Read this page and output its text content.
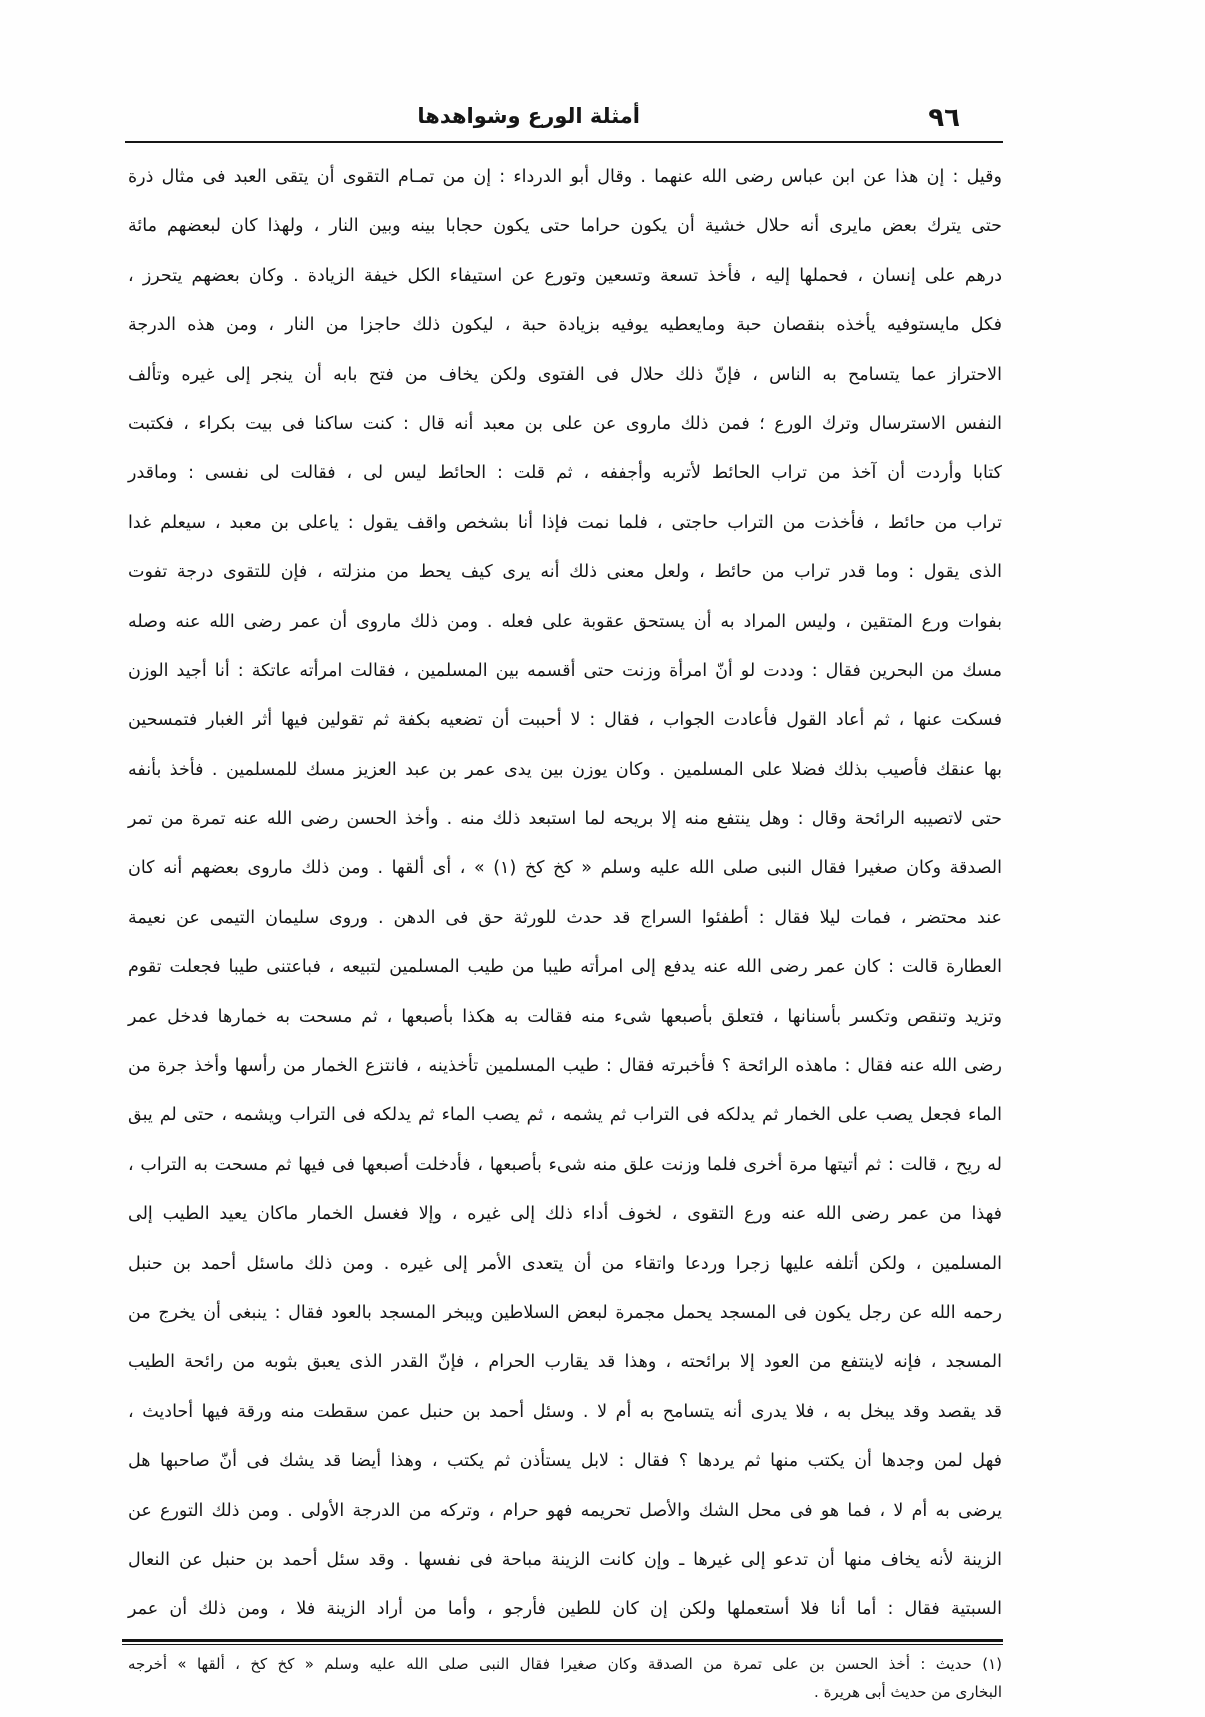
أمثلة الورع وشواهدها	٩٦
وقيل : إن هذا عن ابن عباس رضى الله عنهما . وقال أبو الدرداء : إن من تمـام التقوى أن يتقى العبد فى مثال ذرة
حتى يترك بعض مايرى أنه حلال خشية أن يكون حراما حتى يكون حجابا بينه وبين النار ، ولهذا كان لبعضهم مائة
درهم على إنسان ، فحملها إليه ، فأخذ تسعة وتسعين وتورع عن استيفاء الكل خيفة الزيادة . وكان بعضهم يتحرز ،
فكل مايستوفيه يأخذه بنقصان حبة ومايعطيه يوفيه بزيادة حبة ، ليكون ذلك حاجزا من النار ، ومن هذه الدرجة
الاحتراز عما يتسامح به الناس ، فإنّ ذلك حلال فى الفتوى ولكن يخاف من فتح بابه أن ينجر إلى غيره وتألف
النفس الاسترسال وترك الورع ؛ فمن ذلك ماروى عن على بن معبد أنه قال : كنت ساكنا فى بيت بكراء ، فكتبت
كتابا وأردت أن آخذ من تراب الحائط لأتربه وأجففه ، ثم قلت : الحائط ليس لى ، فقالت لى نفسى : وماقدر
تراب من حائط ، فأخذت من التراب حاجتى ، فلما نمت فإذا أنا بشخص واقف يقول : ياعلى بن معبد ، سيعلم غدا
الذى يقول : وما قدر تراب من حائط ، ولعل معنى ذلك أنه يرى كيف يحط من منزلته ، فإن للتقوى درجة تفوت
بفوات ورع المتقين ، وليس المراد به أن يستحق عقوبة على فعله . ومن ذلك ماروى أن عمر رضى الله عنه وصله
مسك من البحرين فقال : وددت لو أنّ امرأة وزنت حتى أقسمه بين المسلمين ، فقالت امرأته عاتكة : أنا أجيد الوزن
فسكت عنها ، ثم أعاد القول فأعادت الجواب ، فقال : لا أحببت أن تضعيه بكفة ثم تقولين فيها أثر الغبار فتمسحين
بها عنقك فأصيب بذلك فضلا على المسلمين . وكان يوزن بين يدى عمر بن عبد العزيز مسك للمسلمين . فأخذ بأنفه
حتى لاتصيبه الرائحة وقال : وهل ينتفع منه إلا بريحه لما استبعد ذلك منه . وأخذ الحسن رضى الله عنه تمرة من تمر
الصدقة وكان صغيرا فقال النبى صلى الله عليه وسلم « كخ كخ (١) » ، أى ألقها . ومن ذلك ماروى بعضهم أنه كان
عند محتضر ، فمات ليلا فقال : أطفئوا السراج قد حدث للورثة حق فى الدهن . وروى سليمان التيمى عن نعيمة
العطارة قالت : كان عمر رضى الله عنه يدفع إلى امرأته طيبا من طيب المسلمين لتبيعه ، فباعتنى طيبا فجعلت تقوم
وتزيد وتنقص وتكسر بأسنانها ، فتعلق بأصبعها شىء منه فقالت به هكذا بأصبعها ، ثم مسحت به خمارها فدخل عمر
رضى الله عنه فقال : ماهذه الرائحة ؟ فأخبرته فقال : طيب المسلمين تأخذينه ، فانتزع الخمار من رأسها وأخذ جرة من
الماء فجعل يصب على الخمار ثم يدلكه فى التراب ثم يشمه ، ثم يصب الماء ثم يدلكه فى التراب ويشمه ، حتى لم يبق
له ريح ، قالت : ثم أتيتها مرة أخرى فلما وزنت علق منه شىء بأصبعها ، فأدخلت أصبعها فى فيها ثم مسحت به التراب ،
فهذا من عمر رضى الله عنه ورع التقوى ، لخوف أداء ذلك إلى غيره ، وإلا فغسل الخمار ماكان يعيد الطيب إلى
المسلمين ، ولكن أتلفه عليها زجرا وردعا واتقاء من أن يتعدى الأمر إلى غيره . ومن ذلك ماسئل أحمد بن حنبل
رحمه الله عن رجل يكون فى المسجد يحمل مجمرة لبعض السلاطين ويبخر المسجد بالعود فقال : ينبغى أن يخرج من
المسجد ، فإنه لاينتفع من العود إلا برائحته ، وهذا قد يقارب الحرام ، فإنّ القدر الذى يعبق بثوبه من رائحة الطيب
قد يقصد وقد يبخل به ، فلا يدرى أنه يتسامح به أم لا . وسئل أحمد بن حنبل عمن سقطت منه ورقة فيها أحاديث ،
فهل لمن وجدها أن يكتب منها ثم يردها ؟ فقال : لابل يستأذن ثم يكتب ، وهذا أيضا قد يشك فى أنّ صاحبها هل
يرضى به أم لا ، فما هو فى محل الشك والأصل تحريمه فهو حرام ، وتركه من الدرجة الأولى . ومن ذلك التورع عن
الزينة لأنه يخاف منها أن تدعو إلى غيرها ـ وإن كانت الزينة مباحة فى نفسها . وقد سئل أحمد بن حنبل عن النعال
السبتية فقال : أما أنا فلا أستعملها ولكن إن كان للطين فأرجو ، وأما من أراد الزينة فلا ، ومن ذلك أن عمر
(١) حديث : أخذ الحسن بن على تمرة من الصدقة وكان صغيرا فقال النبى صلى الله عليه وسلم « كخ كخ ، ألقها » أخرجه
البخارى من حديث أبى هريرة .
